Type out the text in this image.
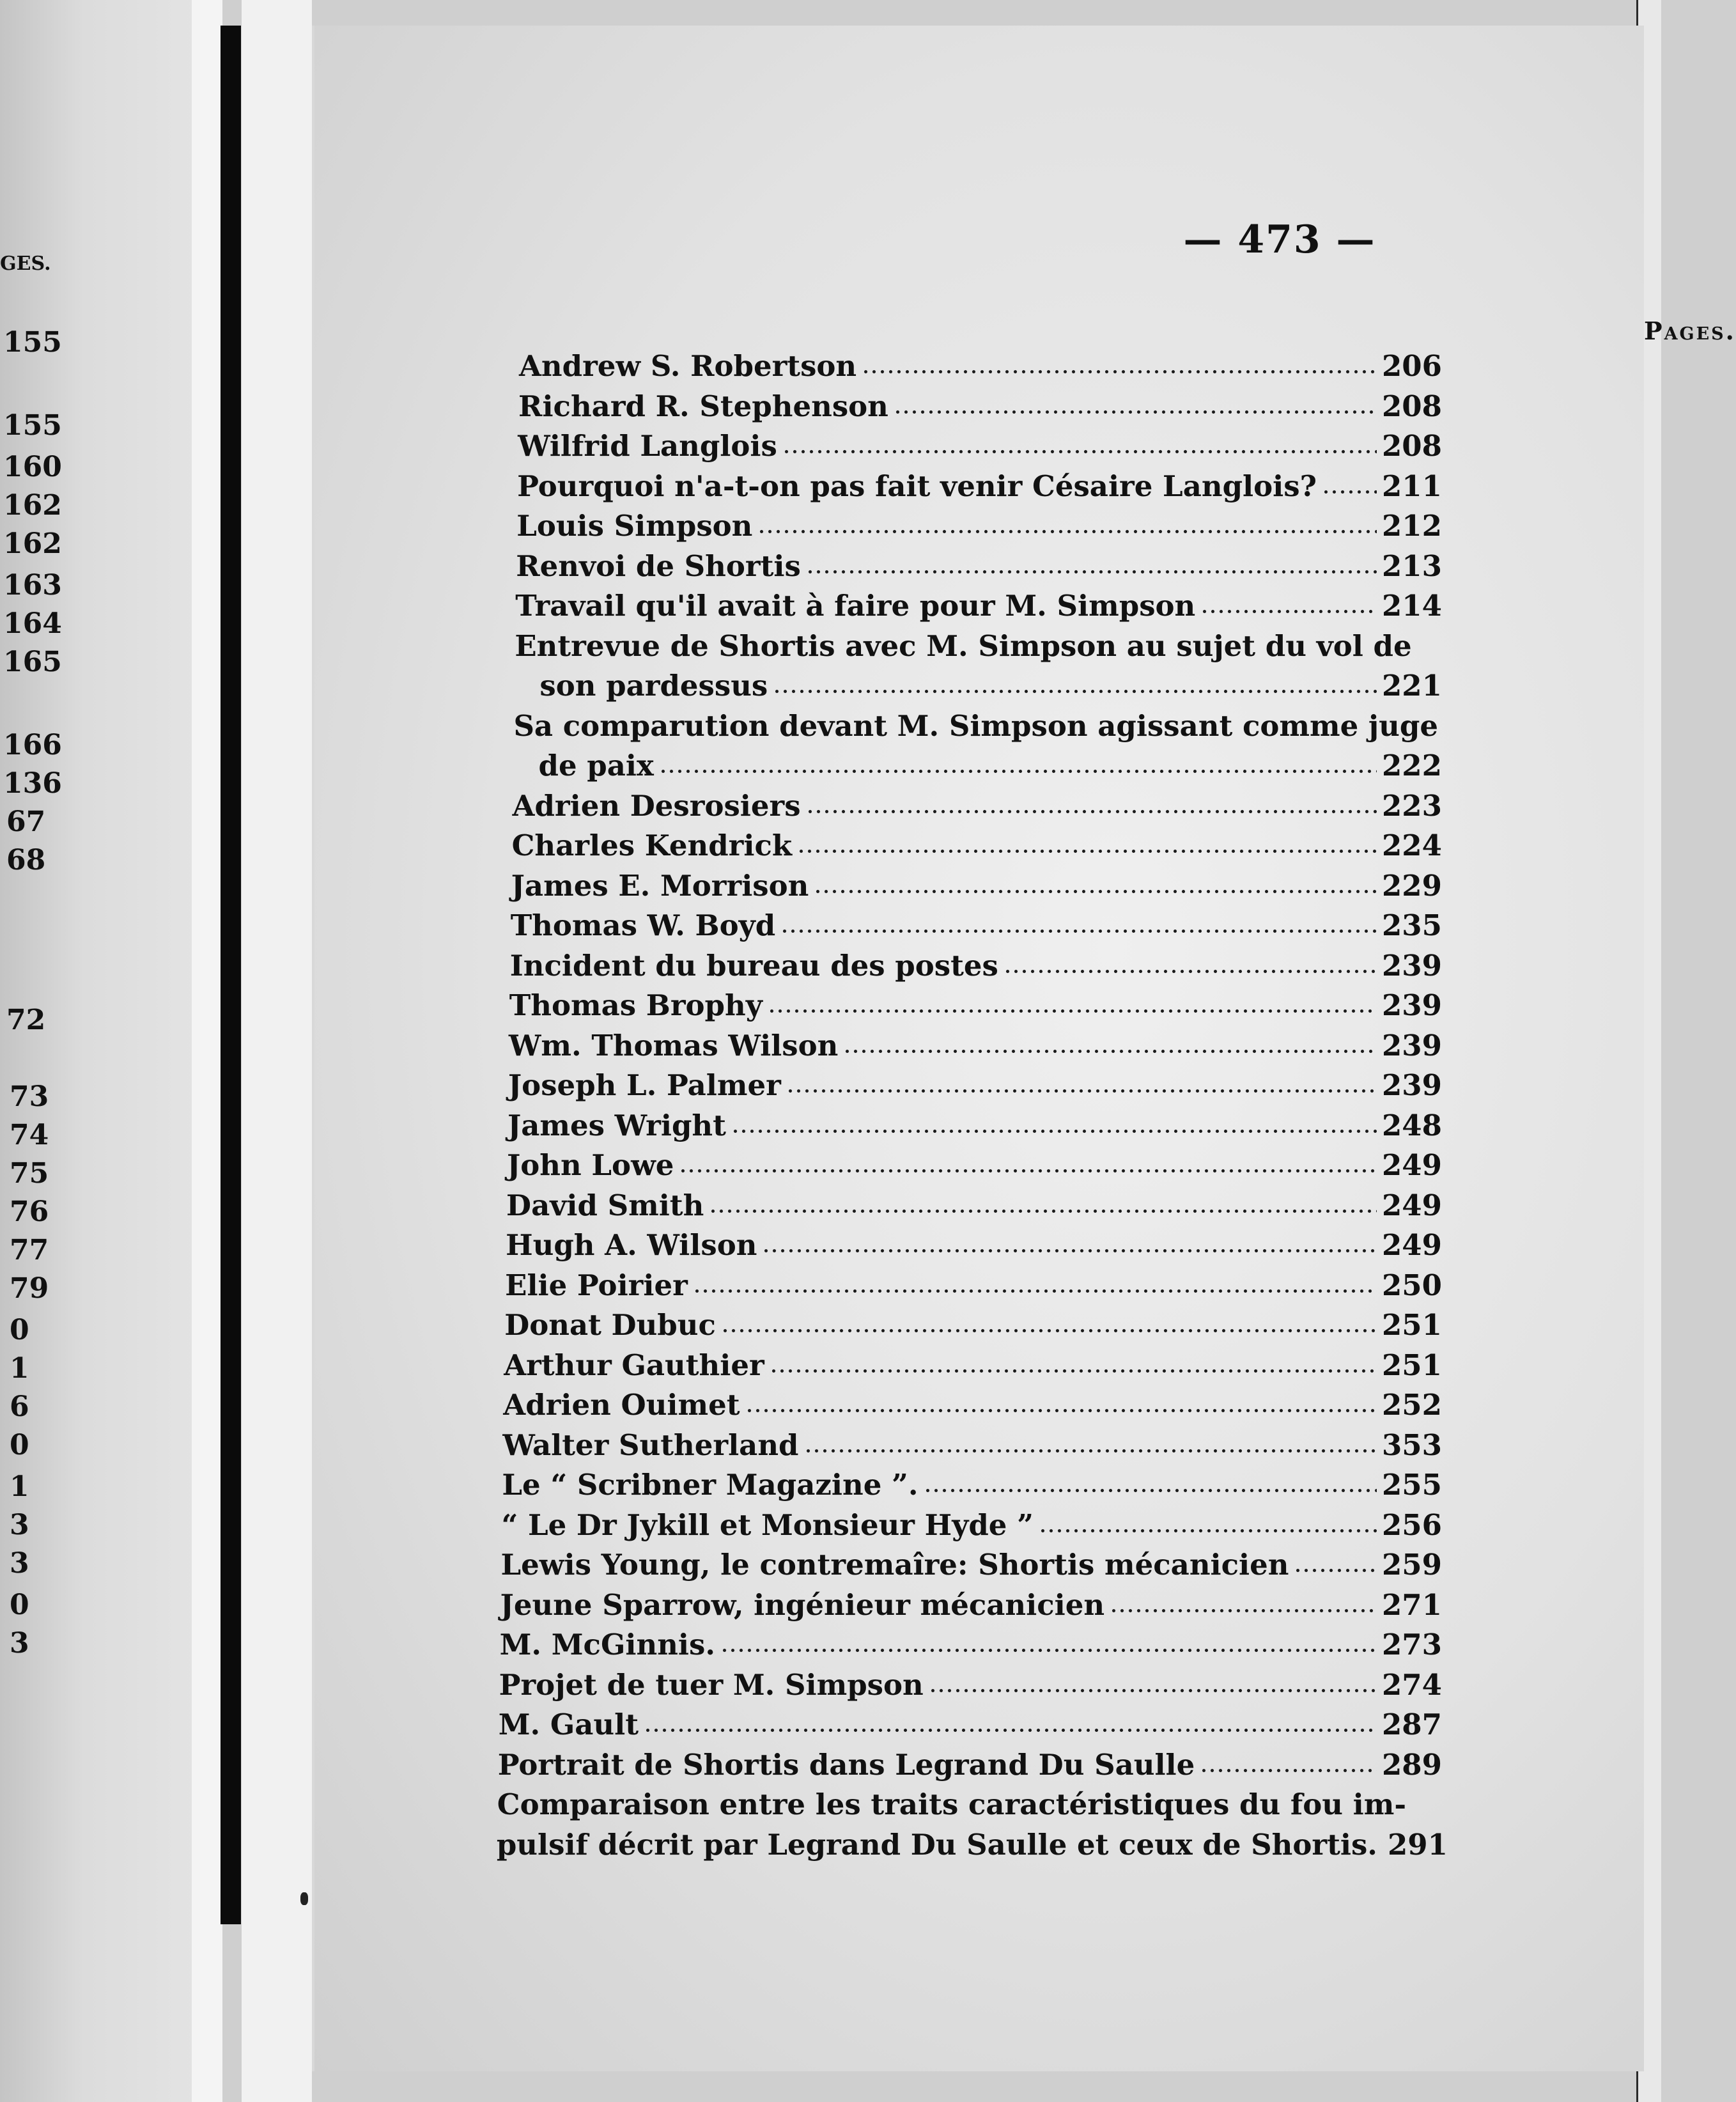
GES.
155
155
160
162
162
163
164
165
166
136
67
68
72
73
74
75
76
77
79
0
1
6
0
1
3
3
0
3
— 473 —
Pages.
Andrew S. Robertson	206
Richard R. Stephenson	208
Wilfrid Langlois	208
Pourquoi n'a-t-on pas fait venir Césaire Langlois? 211
Louis Simpson	212
Renvoi de Shortis	213
Travail qu'il avait à faire pour M. Simpson	214
Entrevue de Shortis avec M. Simpson au sujet du vol de
son pardessus	221
Sa comparution devant M. Simpson agissant comme juge
de paix	222
Adrien Desrosiers	223
Charles Kendrick	224
James E. Morrison	229
Thomas W. Boyd	235
Incident du bureau des postes	239
Thomas Brophy	239
Wm. Thomas Wilson	239
Joseph L. Palmer	239
James Wright	248
John Lowe	249
David Smith	249
Hugh A. Wilson	249
Elie Poirier	250
Donat Dubuc	251
Arthur Gauthier	251
Adrien Ouimet	252
Walter Sutherland	353
Le “ Scribner Magazine ”.	255
“ Le Dr Jykill et Monsieur Hyde ”	256
Lewis Young, le contremaîre: Shortis mécanicien	259
Jeune Sparrow, ingénieur mécanicien	271
M. McGinnis.	273
Projet de tuer M. Simpson	274
M. Gault	287
Portrait de Shortis dans Legrand Du Saulle	289
Comparaison entre les traits caractéristiques du fou im-
pulsif décrit par Legrand Du Saulle et ceux de Shortis. 291
